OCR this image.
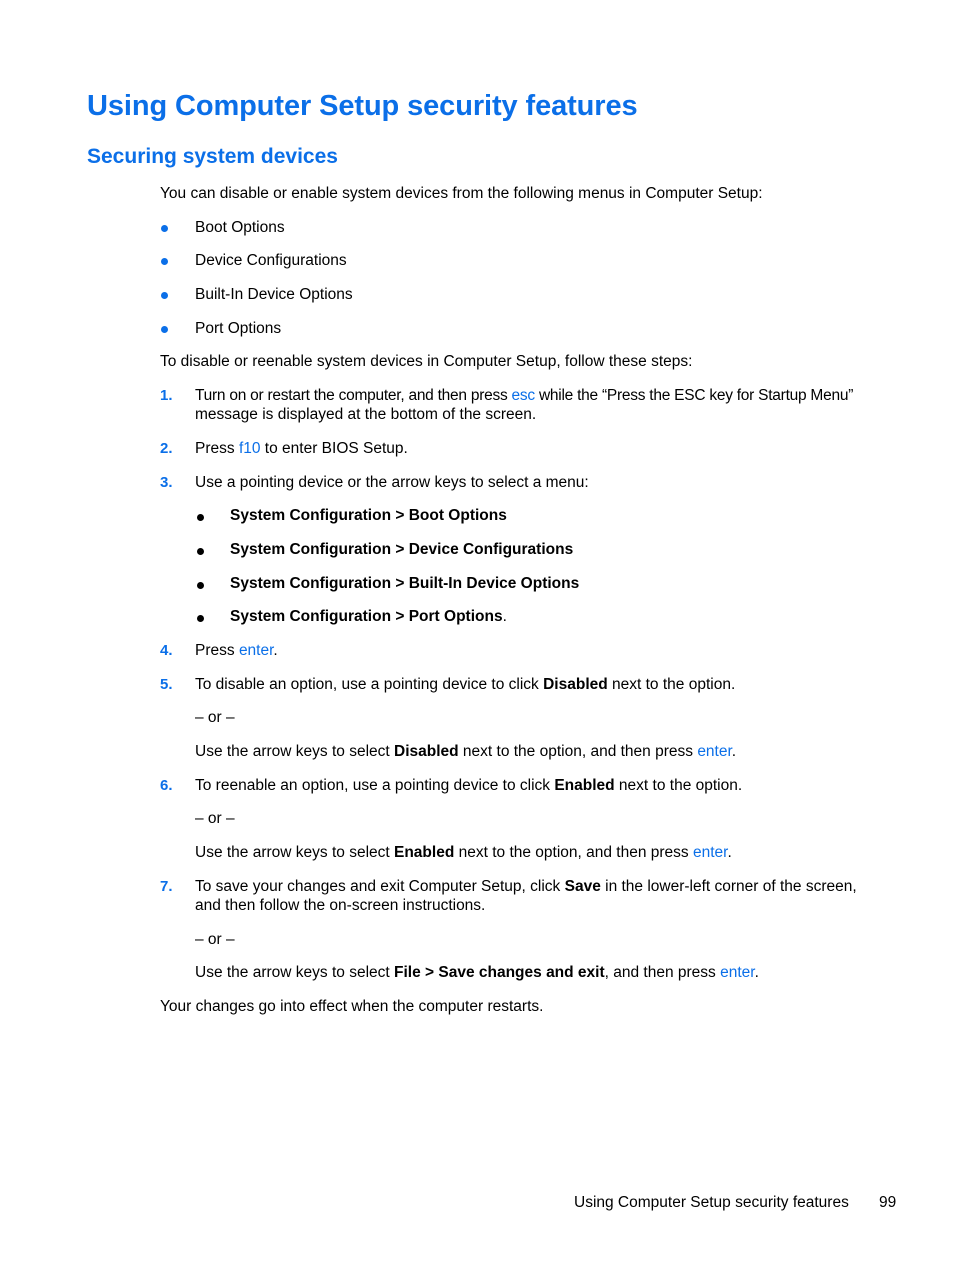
Using Computer Setup security features
Securing system devices
You can disable or enable system devices from the following menus in Computer Setup:
Boot Options
Device Configurations
Built-In Device Options
Port Options
To disable or reenable system devices in Computer Setup, follow these steps:
1. Turn on or restart the computer, and then press esc while the “Press the ESC key for Startup Menu”
message is displayed at the bottom of the screen.
2. Press f10 to enter BIOS Setup.
3. Use a pointing device or the arrow keys to select a menu:
System Configuration > Boot Options
System Configuration > Device Configurations
System Configuration > Built-In Device Options
System Configuration > Port Options.
4. Press enter.
5. To disable an option, use a pointing device to click Disabled next to the option.
– or –
Use the arrow keys to select Disabled next to the option, and then press enter.
6. To reenable an option, use a pointing device to click Enabled next to the option.
– or –
Use the arrow keys to select Enabled next to the option, and then press enter.
7. To save your changes and exit Computer Setup, click Save in the lower-left corner of the screen,
and then follow the on-screen instructions.
– or –
Use the arrow keys to select File > Save changes and exit, and then press enter.
Your changes go into effect when the computer restarts.
Using Computer Setup security features 99
